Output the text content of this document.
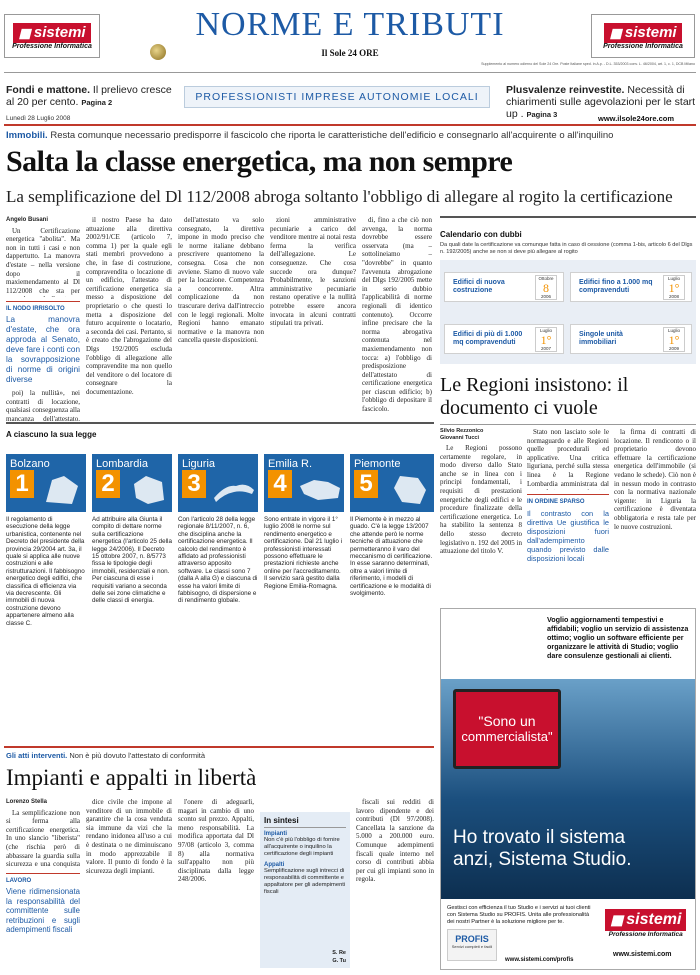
◼ sistemi
Professione Informatica
NORME E TRIBUTI
Il Sole 24 ORE
◼ sistemi
Professione Informatica
Supplemento al numero odierno del Sole 24 Ore. Poste Italiane sped. in A.p. - D.L. 353/2003 conv. L. 46/2004, art. 1, c. 1, DCB Milano
Fondi e mattone. Il prelievo cresce al 20 per cento. Pagina 2	PROFESSIONISTI IMPRESE AUTONOMIE LOCALI
Plusvalenze reinvestite. Necessità di chiarimenti sulle agevolazioni per le start up . Pagina 3
Lunedì 28 Luglio 2008	www.ilsole24ore.com
Immobili. Resta comunque necessario predisporre il fascicolo che riporta le caratteristiche dell'edificio e consegnarlo all'acquirente o all'inquilino
Salta la classe energetica, ma non sempre
La semplificazione del Dl 112/2008 abroga soltanto l'obbligo di allegare al rogito la certificazione
Angelo Busani

Un Certificazione energetica "abolita". Ma non in tutti i casi e non dappertutto. La manovra d'estate – nella versione dopo il maxiemendamento al Dl 112/2008 che sta per

IL NODO IRRISOLTO
La manovra d'estate, che ora approda al Senato, deve fare i conti con la sovrapposizione di norme di origini diverse

poi) la nullità», nei contratti di locazione, qualsiasi conseguenza alla mancanza dell'attestato.

il nostro Paese ha dato attuazione alla direttiva 2002/91/CE (articolo 7, comma 1) per la quale egli stati membri provvedono a che, in fase di costruzione, compravendita o locazione di un edificio, l'attestato di certificazione energetica sia messo a disposizione del proprietario o che questi lo metta a disposizione del futuro acquirente o locatario, a seconda dei casi. Pertanto, si è creato che l'abrogazione del Dlgs 192/2005 escluda l'obbligo di allegazione alle compravendite ma non quello del venditore o del locatore di consegnare la documentazione.

dell'attestato va solo consegnato, la direttiva impone in modo preciso che le norme italiane debbano prescrivere quantomeno la consegna. Cosa che non avviene. Siamo di nuovo vale per la locazione. Competenza a concorrente. Altra complicazione da non trascurare deriva dall'intreccio con le leggi regionali. Molte Regioni hanno emanato normative e la manovra non cancella queste disposizioni.

zioni amministrative pecuniarie a carico del venditore mentre ai notai resta ferma la verifica dell'allegazione. Le conseguenze. Che cosa succede ora dunque? Probabilmente, le sanzioni amministrative pecuniarie restano operative e la nullità potrebbe essere ancora invocata in alcuni contratti stipulati tra privati.

di, fino a che ciò non avvenga, la norma dovrebbe essere osservata (ma – sottolineiamo – "dovrebbe" in quanto l'avvenuta abrogazione del Dlgs 192/2005 mette in serio dubbio l'applicabilità di norme regionali di identico contenuto). Occorre infine precisare che la norma abrogativa contenuta nel maxiemendamento non tocca: a) l'obbligo di predisposizione dell'attestato di certificazione energetica per ciascun edificio; b) l'obbligo di depositare il fascicolo.

Calendario con dubbi
Da quali date la certificazione va comunque fatta in caso di cessione (comma 1-bis, articolo 6 del Dlgs n. 192/2005) anche se non si deve più allegare al rogito
Edifici di nuova costruzione
Ottobre
8
2006
Edifici fino a 1.000 mq compravenduti
Luglio
1°
2008
Edifici di più di 1.000 mq compravenduti
Luglio
1°
2007
Singole unità immobiliari
Luglio
1°
2009
Le Regioni insistono: il documento ci vuole
Silvio Rezzonico
Giovanni Tucci

Le Regioni possono certamente regolare, in modo diverso dallo Stato anche se in linea con i principi fondamentali, i requisiti di prestazioni energetiche degli edifici e le procedure finalizzate della certificazione energetica. Lo ha stabilito la sentenza 8 dello stesso decreto legislativo n. 192 del 2005 in attuazione del titolo V.

Stato non lasciato sole le normaguardo e alle Regioni quelle procedurali ed applicative. Una critica liguriana, perché sulla stessa linea è la Regione Lombardia amministrata dal

IN ORDINE SPARSO
Il contrasto con la direttiva Ue giustifica le disposizioni fuori dall'adempimento quando previsto dalle disposizioni locali

la firma di contratti di locazione. Il rendiconto o il proprietario devono effettuare la certificazione energetica dell'immobile (si vedano le schede). Ciò non è in nessun modo in contrasto con la normativa nazionale vigente: in Liguria la certificazione è diventata obbligatoria e resta tale per le nuove costruzioni.

A ciascuno la sua legge
Bolzano
1
Lombardia
2
Liguria
3
Emilia R.
4
Piemonte
5
Il regolamento di esecuzione della legge urbanistica, contenente nel Decreto del presidente della provincia 29/2004 art. 3a, il quale si applica alle nuove costruzioni e alle ristrutturazioni. Il fabbisogno energetico degli edifici, che classifica di efficienza via via decrescente. Gli immobili di nuova costruzione devono appartenere almeno alla classe C.
Ad attribuire alla Giunta il compito di dettare norme sulla certificazione energetica (l'articolo 25 della legge 24/2006). Il Decreto 15 ottobre 2007, n. 8/5773 fissa le tipologie degli immobili, residenziali e non. Per ciascuna di esse i requisiti variano a seconda delle sei zone climatiche e delle classi di energia.
Con l'articolo 28 della legge regionale 8/11/2007, n. 6, che disciplina anche la certificazione energetica. Il calcolo del rendimento è affidato ad professionisti attraverso apposito software. Le classi sono 7 (dalla A alla G) e ciascuna di esse ha valori limite di fabbisogno, di dispersione e di rendimento globale.
Sono entrate in vigore il 1° luglio 2008 le norme sul rendimento energetico e certificazione. Dal 21 luglio i professionisti interessati possono effettuare le prestazioni richieste anche online per l'accreditamento. Il servizio sarà gestito dalla Regione Emilia-Romagna.
Il Piemonte è in mezzo al guado. C'è la legge 13/2007 che attende però le norme tecniche di attuazione che permetteranno il varo del meccanismo di certificazione. In esse saranno determinati, oltre a valori limite di riferimento, i modelli di certificazione e le modalità di svolgimento.
Voglio aggiornamenti tempestivi e affidabili; voglio un servizio di assistenza ottimo; voglio un software efficiente per organizzare le attività di Studio; voglio dare consulenze gestionali ai clienti.
"Sono un
commercialista"
Ho trovato il sistema
anzi, Sistema Studio.
Gestisci con efficienza il tuo Studio e i servizi ai tuoi clienti con Sistema Studio su PROFIS. Unita alle professionalità dei nostri Partner è la soluzione migliore per te.
www.sistemi.com/profis
PROFIS
Servizi completi e facili
◼ sistemi
Professione Informatica
www.sistemi.com
Gli atti interventi. Non è più dovuto l'attestato di conformità
Impianti e appalti in libertà
Lorenzo Stella

La semplificazione non si ferma alla certificazione energetica. In uno slancio "liberista" (che rischia però di abbassare la guardia sulla sicurezza e una conquista

LAVORO
Viene ridimensionata la responsabilità del committente sulle retribuzioni e sugli adempimenti fiscali

dice civile che impone al venditore di un immobile di garantire che la cosa venduta sia immune da vizi che la rendano inidonea all'uso a cui è destinata o ne diminuiscano in modo apprezzabile il valore. Il punto di fondo è la sicurezza degli impianti.

l'onere di adeguarli, magari in cambio di uno sconto sul prezzo. Appalti, meno responsabilità. La modifica apportata dal Dl 97/08 (articolo 3, comma 8) alla normativa sull'appalto non più disciplinata dalla legge 248/2006.

In sintesi
Impianti
Non c'è più l'obbligo di fornire all'acquirente o inquilino la certificazione degli impianti
Appalti
Semplificazione sugli intrecci di responsabilità di committente e appaltatore per gli adempimenti fiscali
S. Re
G. Tu

fiscali sui redditi di lavoro dipendente e dei contributi (Dl 97/2008). Cancellata la sanzione da 5.000 a 200.000 euro. Comunque adempimenti fiscali quale interno nel corso di contributi abbia per cui gli impianti sono in regola.
